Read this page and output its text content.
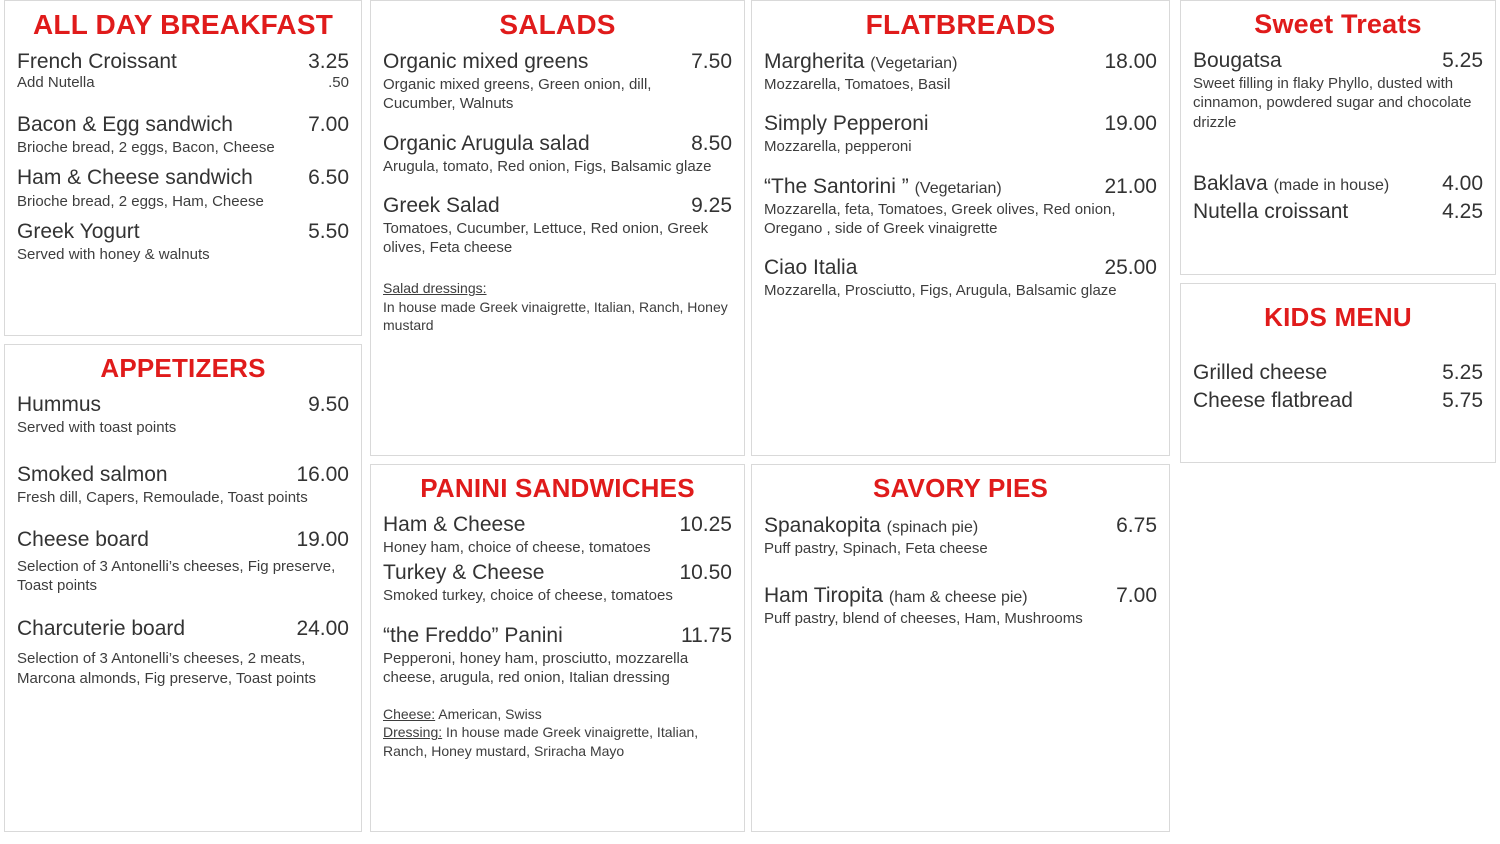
ALL DAY BREAKFAST
French Croissant	3.25
Add Nutella	.50
Bacon & Egg sandwich	7.00
Brioche bread, 2 eggs, Bacon, Cheese
Ham & Cheese sandwich	6.50
Brioche bread, 2 eggs, Ham, Cheese
Greek Yogurt	5.50
Served with honey & walnuts
APPETIZERS
Hummus	9.50
Served with toast points
Smoked salmon	16.00
Fresh dill, Capers, Remoulade, Toast points
Cheese board	19.00
Selection of 3 Antonelli’s cheeses, Fig preserve, Toast points
Charcuterie board	24.00
Selection of 3 Antonelli’s cheeses, 2 meats, Marcona almonds, Fig preserve, Toast points
SALADS
Organic mixed greens	7.50
Organic mixed greens, Green onion, dill, Cucumber, Walnuts
Organic Arugula salad	8.50
Arugula, tomato, Red onion, Figs, Balsamic glaze
Greek Salad	9.25
Tomatoes, Cucumber, Lettuce, Red onion, Greek olives, Feta cheese
Salad dressings:
In house made Greek vinaigrette, Italian, Ranch, Honey mustard
PANINI SANDWICHES
Ham & Cheese	10.25
Honey ham, choice of cheese, tomatoes
Turkey & Cheese	10.50
Smoked turkey, choice of cheese, tomatoes
“the Freddo” Panini	11.75
Pepperoni, honey ham, prosciutto, mozzarella cheese, arugula, red onion, Italian dressing
Cheese: American, Swiss
Dressing: In house made Greek vinaigrette, Italian, Ranch, Honey mustard, Sriracha Mayo
FLATBREADS
Margherita (Vegetarian)	18.00
Mozzarella, Tomatoes, Basil
Simply Pepperoni	19.00
Mozzarella, pepperoni
“The Santorini ” (Vegetarian)	21.00
Mozzarella, feta, Tomatoes, Greek olives, Red onion, Oregano , side of Greek vinaigrette
Ciao Italia	25.00
Mozzarella, Prosciutto, Figs, Arugula, Balsamic glaze
SAVORY PIES
Spanakopita (spinach pie)	6.75
Puff pastry, Spinach, Feta cheese
Ham Tiropita (ham & cheese pie)	7.00
Puff pastry, blend of cheeses, Ham, Mushrooms
Sweet Treats
Bougatsa	5.25
Sweet filling in flaky Phyllo, dusted with cinnamon, powdered sugar and chocolate drizzle
Baklava (made in house)	4.00
Nutella croissant	4.25
KIDS MENU
Grilled cheese	5.25
Cheese flatbread	5.75
